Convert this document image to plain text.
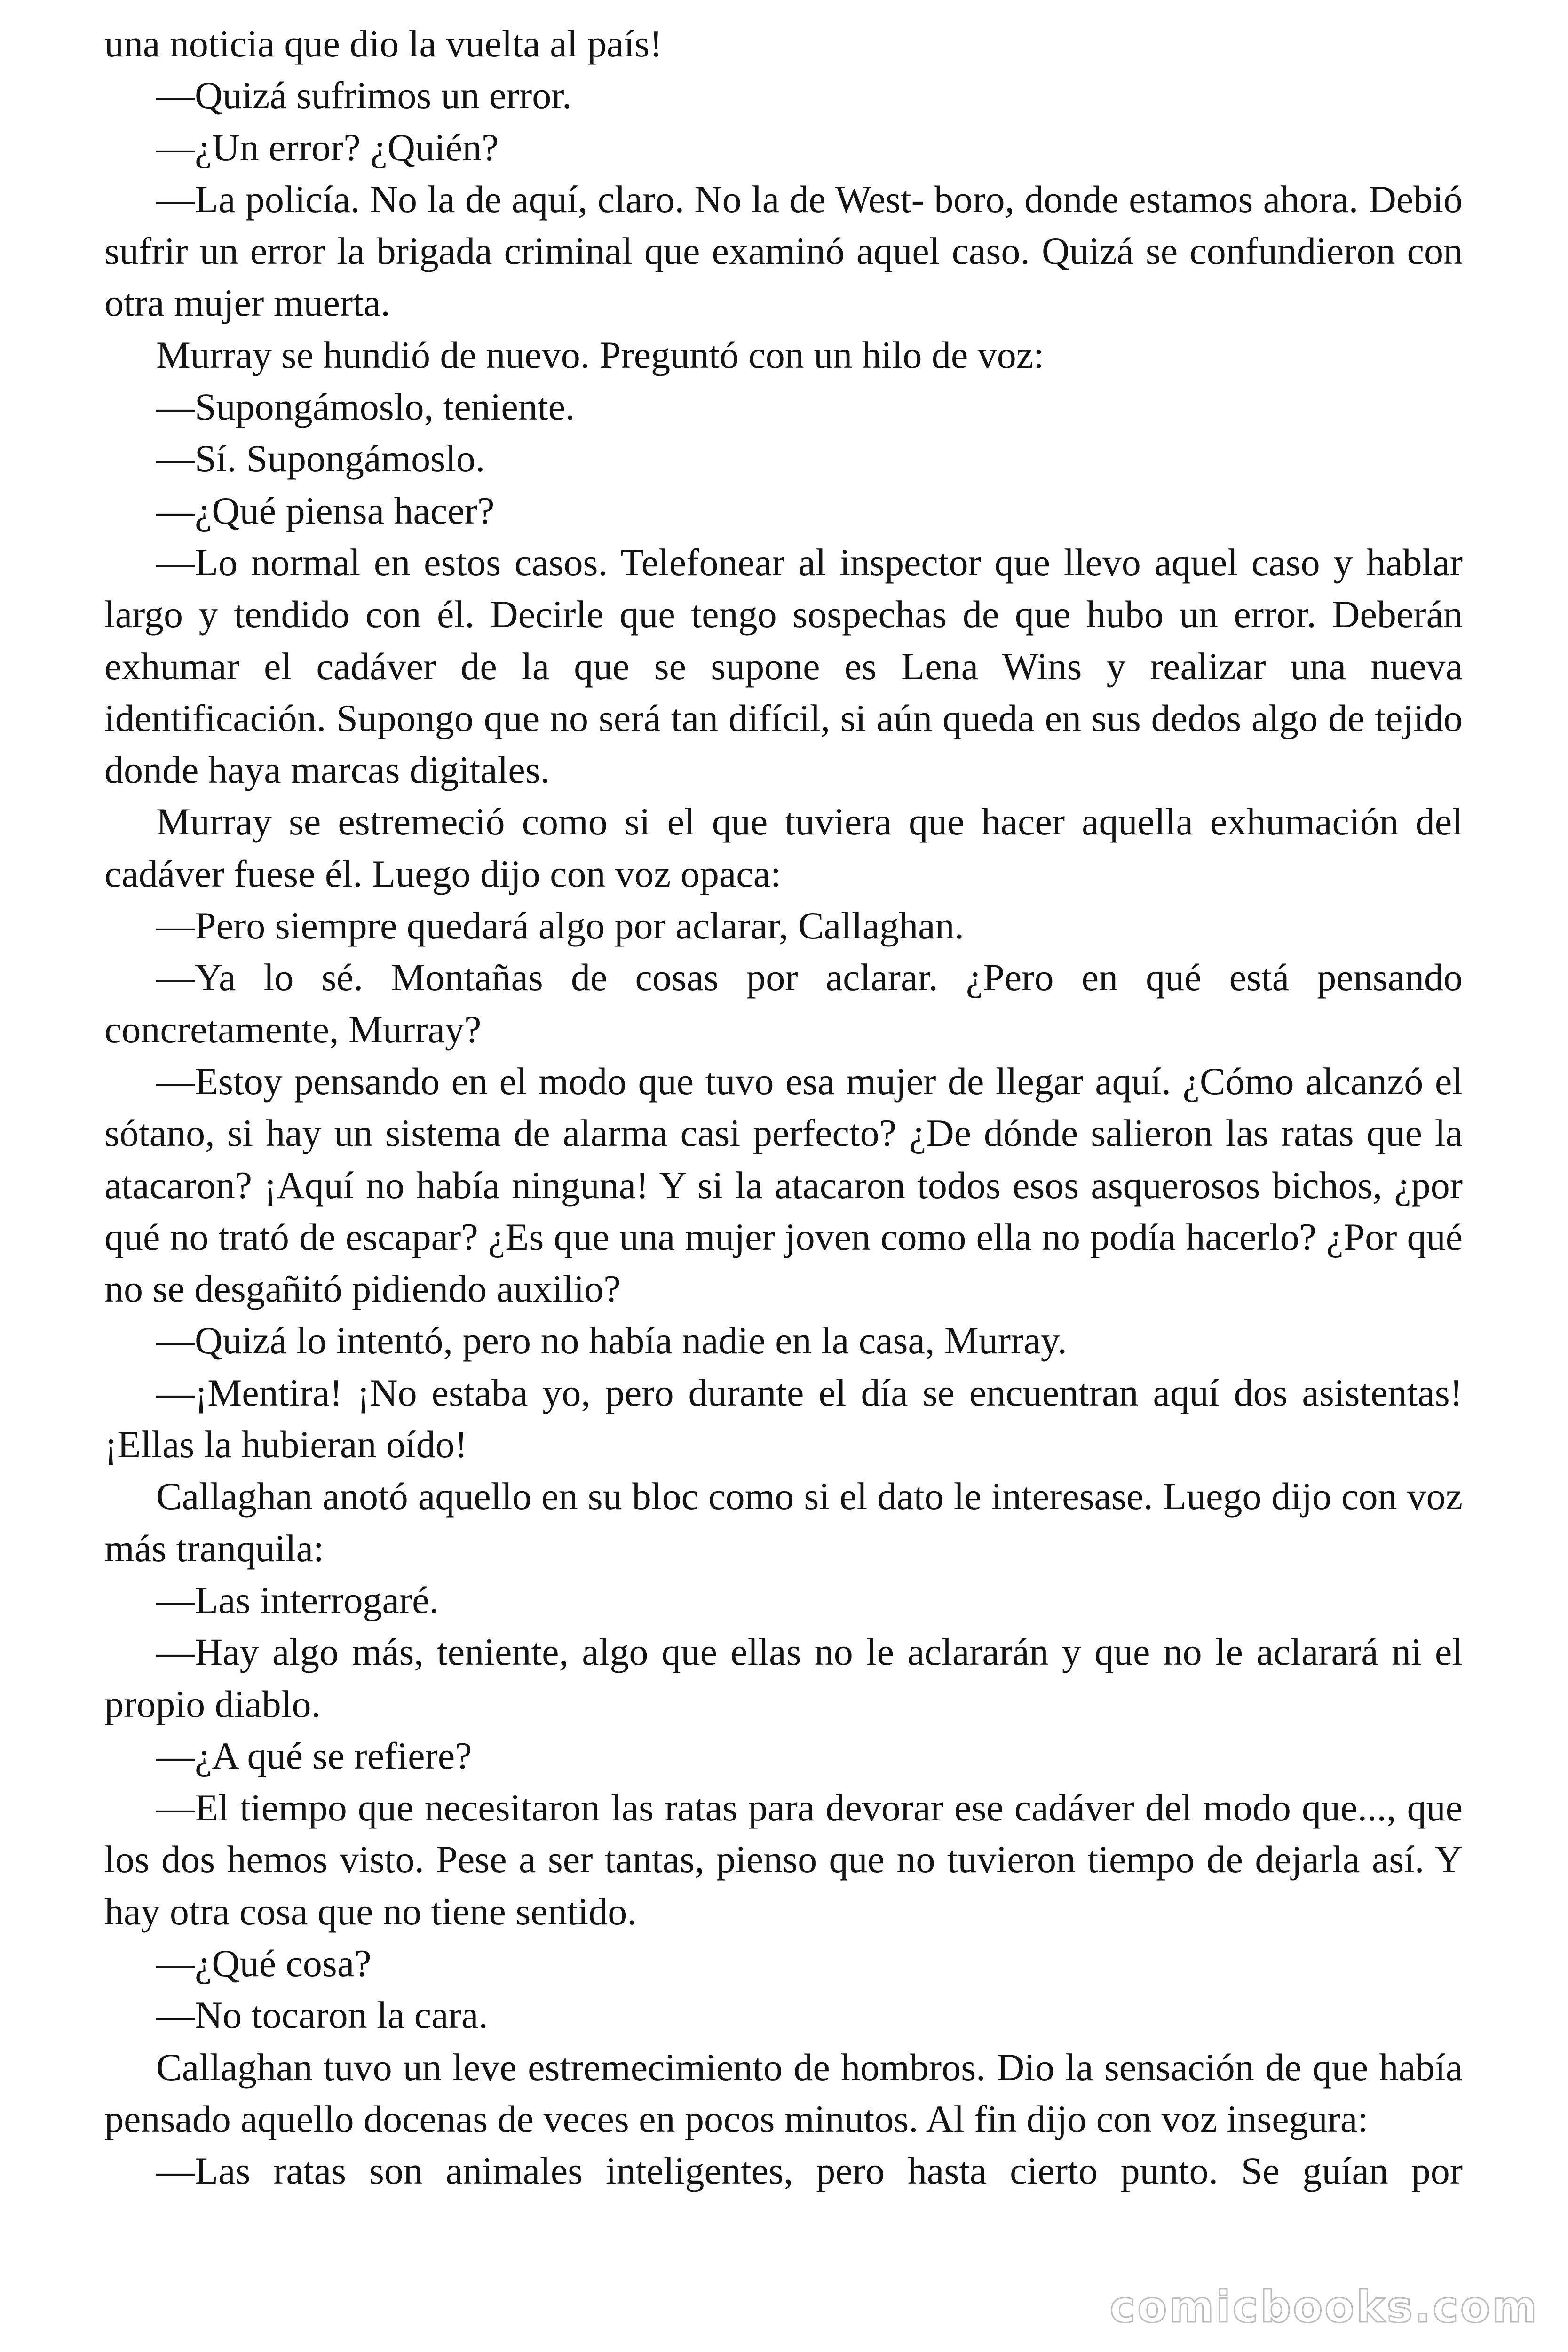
una noticia que dio la vuelta al país!

—Quizá sufrimos un error.

—¿Un error? ¿Quién?

—La policía. No la de aquí, claro. No la de West- boro, donde estamos ahora. Debió sufrir un error la brigada criminal que examinó aquel caso. Quizá se confundieron con otra mujer muerta.

Murray se hundió de nuevo. Preguntó con un hilo de voz:

—Supongámoslo, teniente.

—Sí. Supongámoslo.

—¿Qué piensa hacer?

—Lo normal en estos casos. Telefonear al inspector que llevo aquel caso y hablar largo y tendido con él. Decirle que tengo sospechas de que hubo un error. Deberán exhumar el cadáver de la que se supone es Lena Wins y realizar una nueva identificación. Supongo que no será tan difícil, si aún queda en sus dedos algo de tejido donde haya marcas digitales.

Murray se estremeció como si el que tuviera que hacer aquella exhumación del cadáver fuese él. Luego dijo con voz opaca:

—Pero siempre quedará algo por aclarar, Callaghan.

—Ya lo sé. Montañas de cosas por aclarar. ¿Pero en qué está pensando concretamente, Murray?

—Estoy pensando en el modo que tuvo esa mujer de llegar aquí. ¿Cómo alcanzó el sótano, si hay un sistema de alarma casi perfecto? ¿De dónde salieron las ratas que la atacaron? ¡Aquí no había ninguna! Y si la atacaron todos esos asquerosos bichos, ¿por qué no trató de escapar? ¿Es que una mujer joven como ella no podía hacerlo? ¿Por qué no se desgañitó pidiendo auxilio?

—Quizá lo intentó, pero no había nadie en la casa, Murray.

—¡Mentira! ¡No estaba yo, pero durante el día se encuentran aquí dos asistentas! ¡Ellas la hubieran oído!

Callaghan anotó aquello en su bloc como si el dato le interesase. Luego dijo con voz más tranquila:

—Las interrogaré.

—Hay algo más, teniente, algo que ellas no le aclararán y que no le aclarará ni el propio diablo.

—¿A qué se refiere?

—El tiempo que necesitaron las ratas para devorar ese cadáver del modo que..., que los dos hemos visto. Pese a ser tantas, pienso que no tuvieron tiempo de dejarla así. Y hay otra cosa que no tiene sentido.

—¿Qué cosa?

—No tocaron la cara.

Callaghan tuvo un leve estremecimiento de hombros. Dio la sensación de que había pensado aquello docenas de veces en pocos minutos. Al fin dijo con voz insegura:

—Las ratas son animales inteligentes, pero hasta cierto punto. Se guían por

comicbooks.com
